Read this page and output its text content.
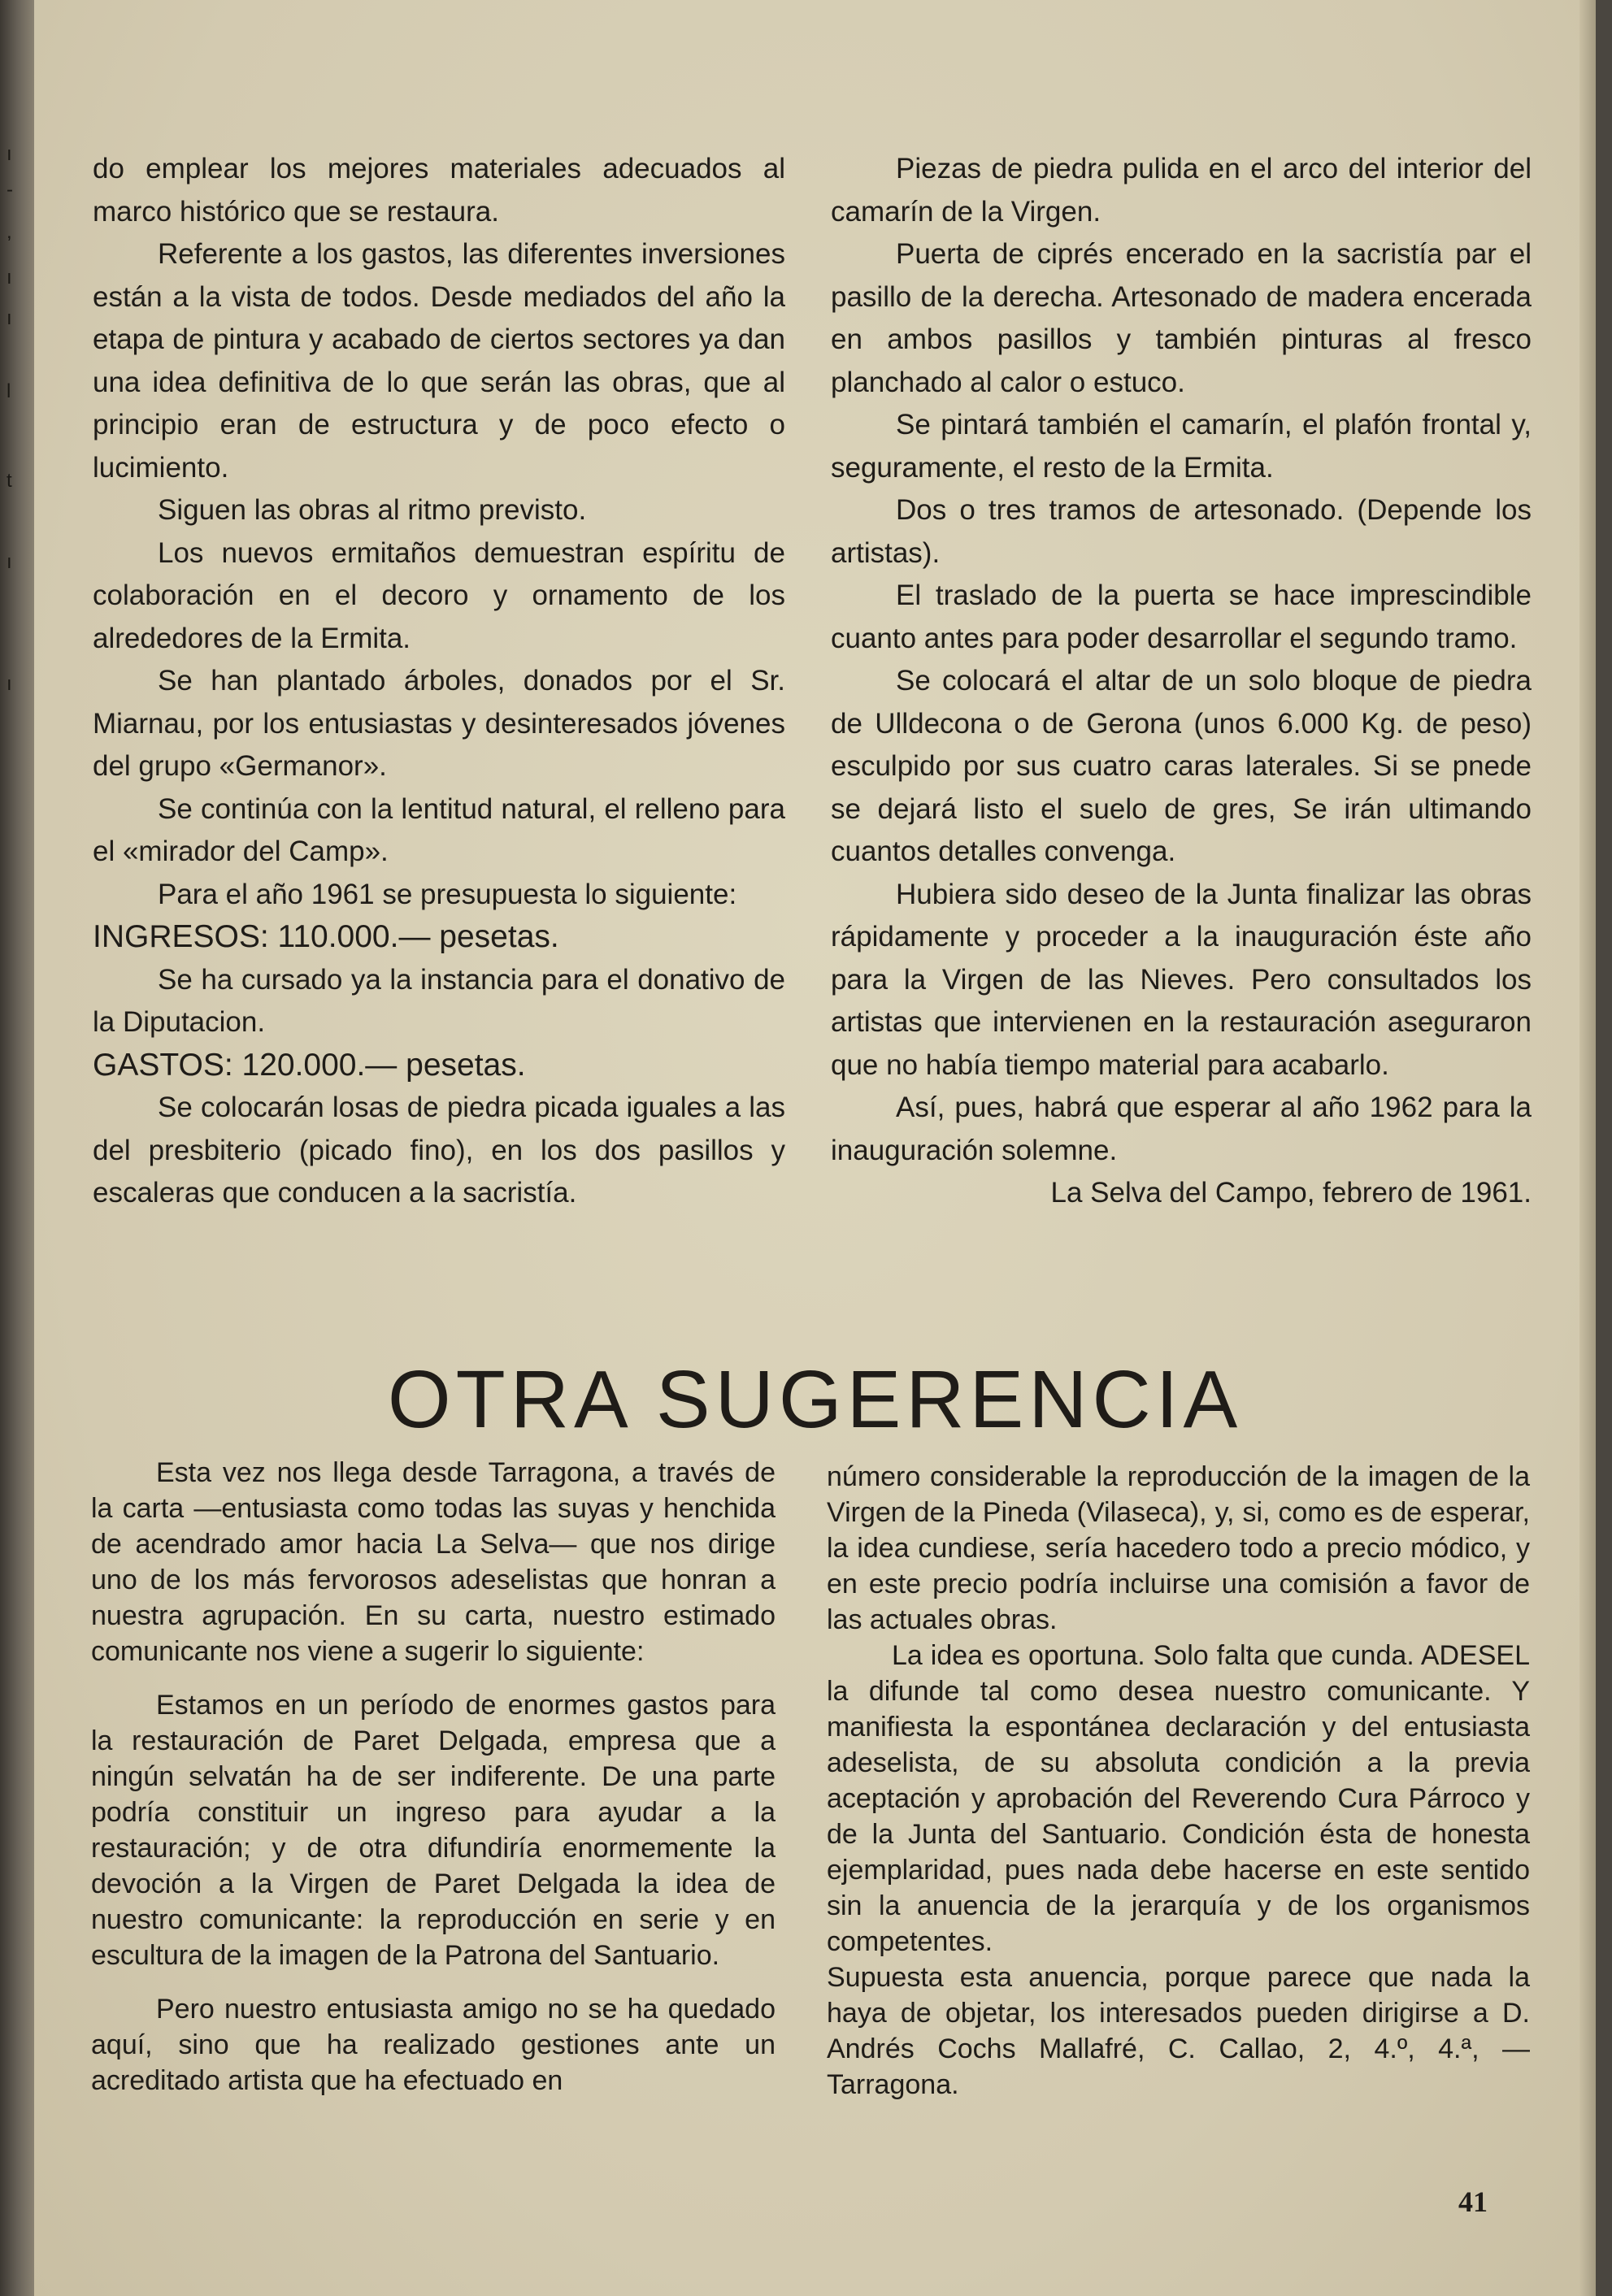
ı
-
,
ı
ı
l
t
ı
ı

do emplear los mejores materiales adecuados al marco histórico que se restaura.

Referente a los gastos, las diferentes inversiones están a la vista de todos. Desde mediados del año la etapa de pintura y acabado de ciertos sectores ya dan una idea definitiva de lo que serán las obras, que al principio eran de estructura y de poco efecto o lucimiento.

Siguen las obras al ritmo previsto.

Los nuevos ermitaños demuestran espíritu de colaboración en el decoro y ornamento de los alrededores de la Ermita.

Se han plantado árboles, donados por el Sr. Miarnau, por los entusiastas y desinteresados jóvenes del grupo «Germanor».

Se continúa con la lentitud natural, el relleno para el «mirador del Camp».

Para el año 1961 se presupuesta lo siguiente:

INGRESOS: 110.000.— pesetas.

Se ha cursado ya la instancia para el donativo de la Diputacion.

GASTOS: 120.000.— pesetas.

Se colocarán losas de piedra picada iguales a las del presbiterio (picado fino), en los dos pasillos y escaleras que conducen a la sacristía.

Piezas de piedra pulida en el arco del interior del camarín de la Virgen.

Puerta de ciprés encerado en la sacristía par el pasillo de la derecha. Artesonado de madera encerada en ambos pasillos y también pinturas al fresco planchado al calor o estuco.

Se pintará también el camarín, el plafón frontal y, seguramente, el resto de la Ermita.

Dos o tres tramos de artesonado. (Depende los artistas).

El traslado de la puerta se hace imprescindible cuanto antes para poder desarrollar el segundo tramo.

Se colocará el altar de un solo bloque de piedra de Ulldecona o de Gerona (unos 6.000 Kg. de peso) esculpido por sus cuatro caras laterales. Si se pnede se dejará listo el suelo de gres, Se irán ultimando cuantos detalles convenga.

Hubiera sido deseo de la Junta finalizar las obras rápidamente y proceder a la inauguración éste año para la Virgen de las Nieves. Pero consultados los artistas que intervienen en la restauración aseguraron que no había tiempo material para acabarlo.

Así, pues, habrá que esperar al año 1962 para la inauguración solemne.

La Selva del Campo, febrero de 1961.

OTRA SUGERENCIA

Esta vez nos llega desde Tarragona, a través de la carta —entusiasta como todas las suyas y henchida de acendrado amor hacia La Selva— que nos dirige uno de los más fervorosos adeselistas que honran a nuestra agrupación. En su carta, nuestro estimado comunicante nos viene a sugerir lo siguiente:

Estamos en un período de enormes gastos para la restauración de Paret Delgada, empresa que a ningún selvatán ha de ser indiferente. De una parte podría constituir un ingreso para ayudar a la restauración; y de otra difundiría enormemente la devoción a la Virgen de Paret Delgada la idea de nuestro comunicante: la reproducción en serie y en escultura de la imagen de la Patrona del Santuario.

Pero nuestro entusiasta amigo no se ha quedado aquí, sino que ha realizado gestiones ante un acreditado artista que ha efectuado en

número considerable la reproducción de la imagen de la Virgen de la Pineda (Vilaseca), y, si, como es de esperar, la idea cundiese, sería hacedero todo a precio módico, y en este precio podría incluirse una comisión a favor de las actuales obras.

La idea es oportuna. Solo falta que cunda. ADESEL la difunde tal como desea nuestro comunicante. Y manifiesta la espontánea declaración y del entusiasta adeselista, de su absoluta condición a la previa aceptación y aprobación del Reverendo Cura Párroco y de la Junta del Santuario. Condición ésta de honesta ejemplaridad, pues nada debe hacerse en este sentido sin la anuencia de la jerarquía y de los organismos competentes.

Supuesta esta anuencia, porque parece que nada la haya de objetar, los interesados pueden dirigirse a D. Andrés Cochs Mallafré, C. Callao, 2, 4.º, 4.ª, — Tarragona.

41
